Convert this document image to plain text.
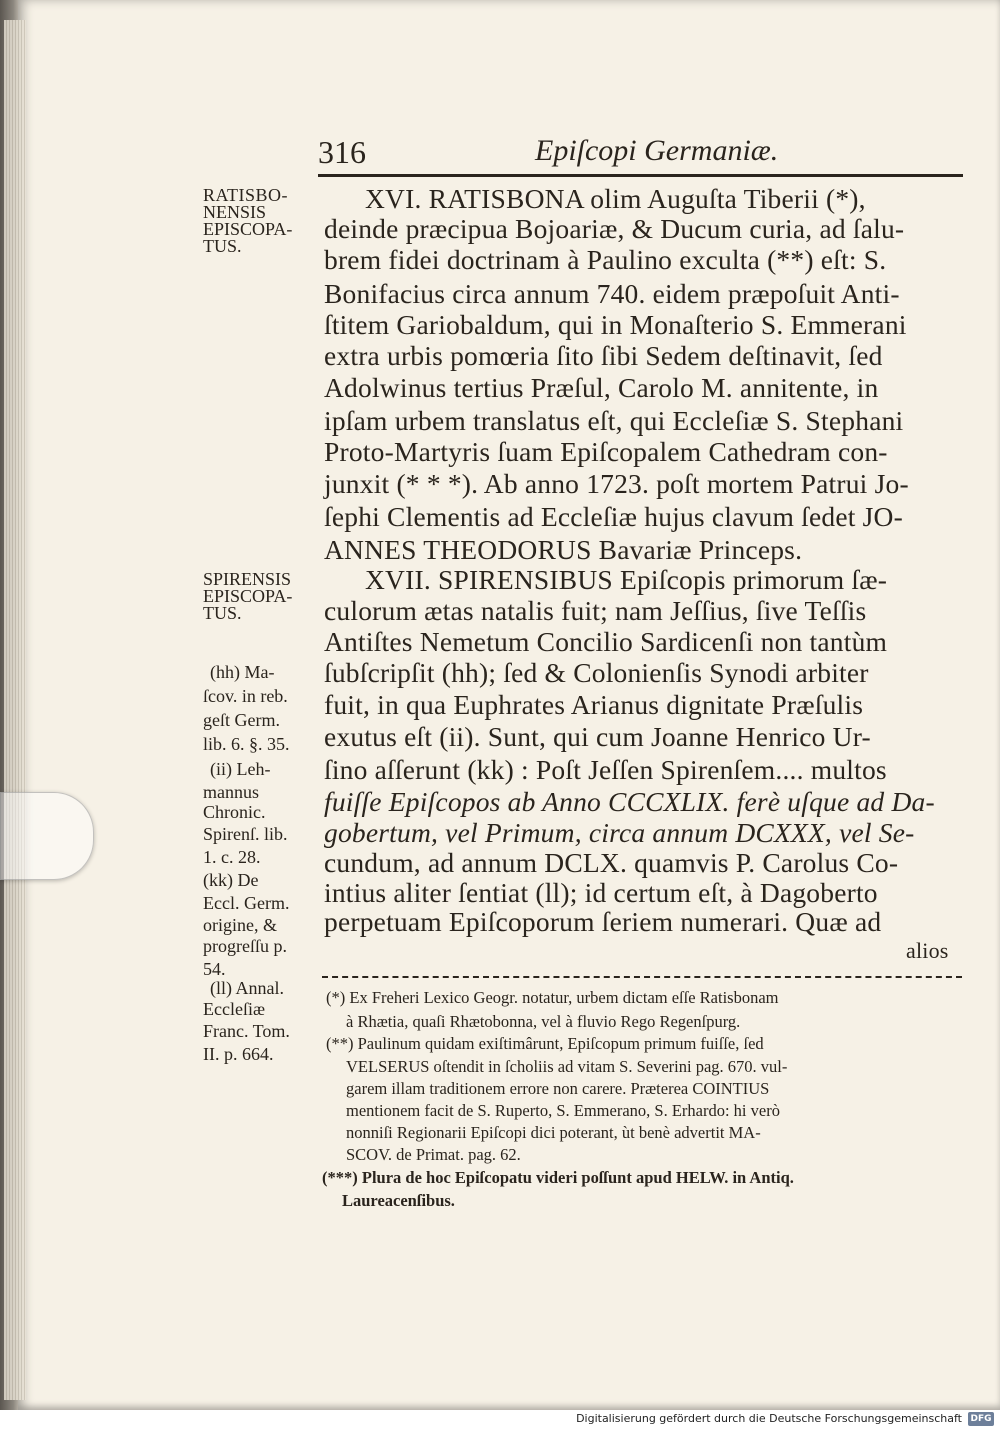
316	Epiſcopi Germaniæ.
XVI. RATISBONA olim Auguſta Tiberii (*),
deinde præcipua Bojoariæ, & Ducum curia, ad ſalu-
brem fidei doctrinam à Paulino exculta (**) eſt: S.
Bonifacius circa annum 740. eidem præpoſuit Anti-
ſtitem Gariobaldum, qui in Monaſterio S. Emmerani
extra urbis pomœria ſito ſibi Sedem deſtinavit, ſed
Adolwinus tertius Præſul, Carolo M. annitente, in
ipſam urbem translatus eſt, qui Eccleſiæ S. Stephani
Proto-Martyris ſuam Epiſcopalem Cathedram con-
junxit (* * *). Ab anno 1723. poſt mortem Patrui Jo-
ſephi Clementis ad Eccleſiæ hujus clavum ſedet JO-
ANNES THEODORUS Bavariæ Princeps.
XVII. SPIRENSIBUS Epiſcopis primorum ſæ-
culorum ætas natalis fuit; nam Jeſſius, ſive Teſſis
Antiſtes Nemetum Concilio Sardicenſi non tantùm
ſubſcripſit (hh); ſed & Colonienſis Synodi arbiter
fuit, in qua Euphrates Arianus dignitate Præſulis
exutus eſt (ii). Sunt, qui cum Joanne Henrico Ur-
ſino aſſerunt (kk) : Poſt Jeſſen Spirenſem.... multos
fuiſſe Epiſcopos ab Anno CCCXLIX. ferè uſque ad Da-
gobertum, vel Primum, circa annum DCXXX, vel Se-
cundum, ad annum DCLX. quamvis P. Carolus Co-
intius aliter ſentiat (ll); id certum eſt, à Dagoberto
perpetuam Epiſcoporum ſeriem numerari. Quæ ad
alios
RATISBO-
NENSIS
EPISCOPA-
TUS.
SPIRENSIS
EPISCOPA-
TUS.
(hh) Ma-
ſcov. in reb.
geſt Germ.
lib. 6. §. 35.
(ii) Leh-
mannus
Chronic.
Spirenſ. lib.
1. c. 28.
(kk) De
Eccl. Germ.
origine, &
progreſſu p.
54.
(ll) Annal.
Eccleſiæ
Franc. Tom.
II. p. 664.
(*) Ex Freheri Lexico Geogr. notatur, urbem dictam eſſe Ratisbonam
à Rhætia, quaſi Rhætobonna, vel à fluvio Rego Regenſpurg.
(**) Paulinum quidam exiſtimârunt, Epiſcopum primum fuiſſe, ſed
VELSERUS oſtendit in ſcholiis ad vitam S. Severini pag. 670. vul-
garem illam traditionem errore non carere. Præterea COINTIUS
mentionem facit de S. Ruperto, S. Emmerano, S. Erhardo: hi verò
nonniſi Regionarii Epiſcopi dici poterant, ùt benè advertit MA-
SCOV. de Primat. pag. 62.
(***) Plura de hoc Epiſcopatu videri poſſunt apud HELW. in Antiq.
Laureacenſibus.
Digitalisierung gefördert durch die Deutsche Forschungsgemeinschaft DFG
